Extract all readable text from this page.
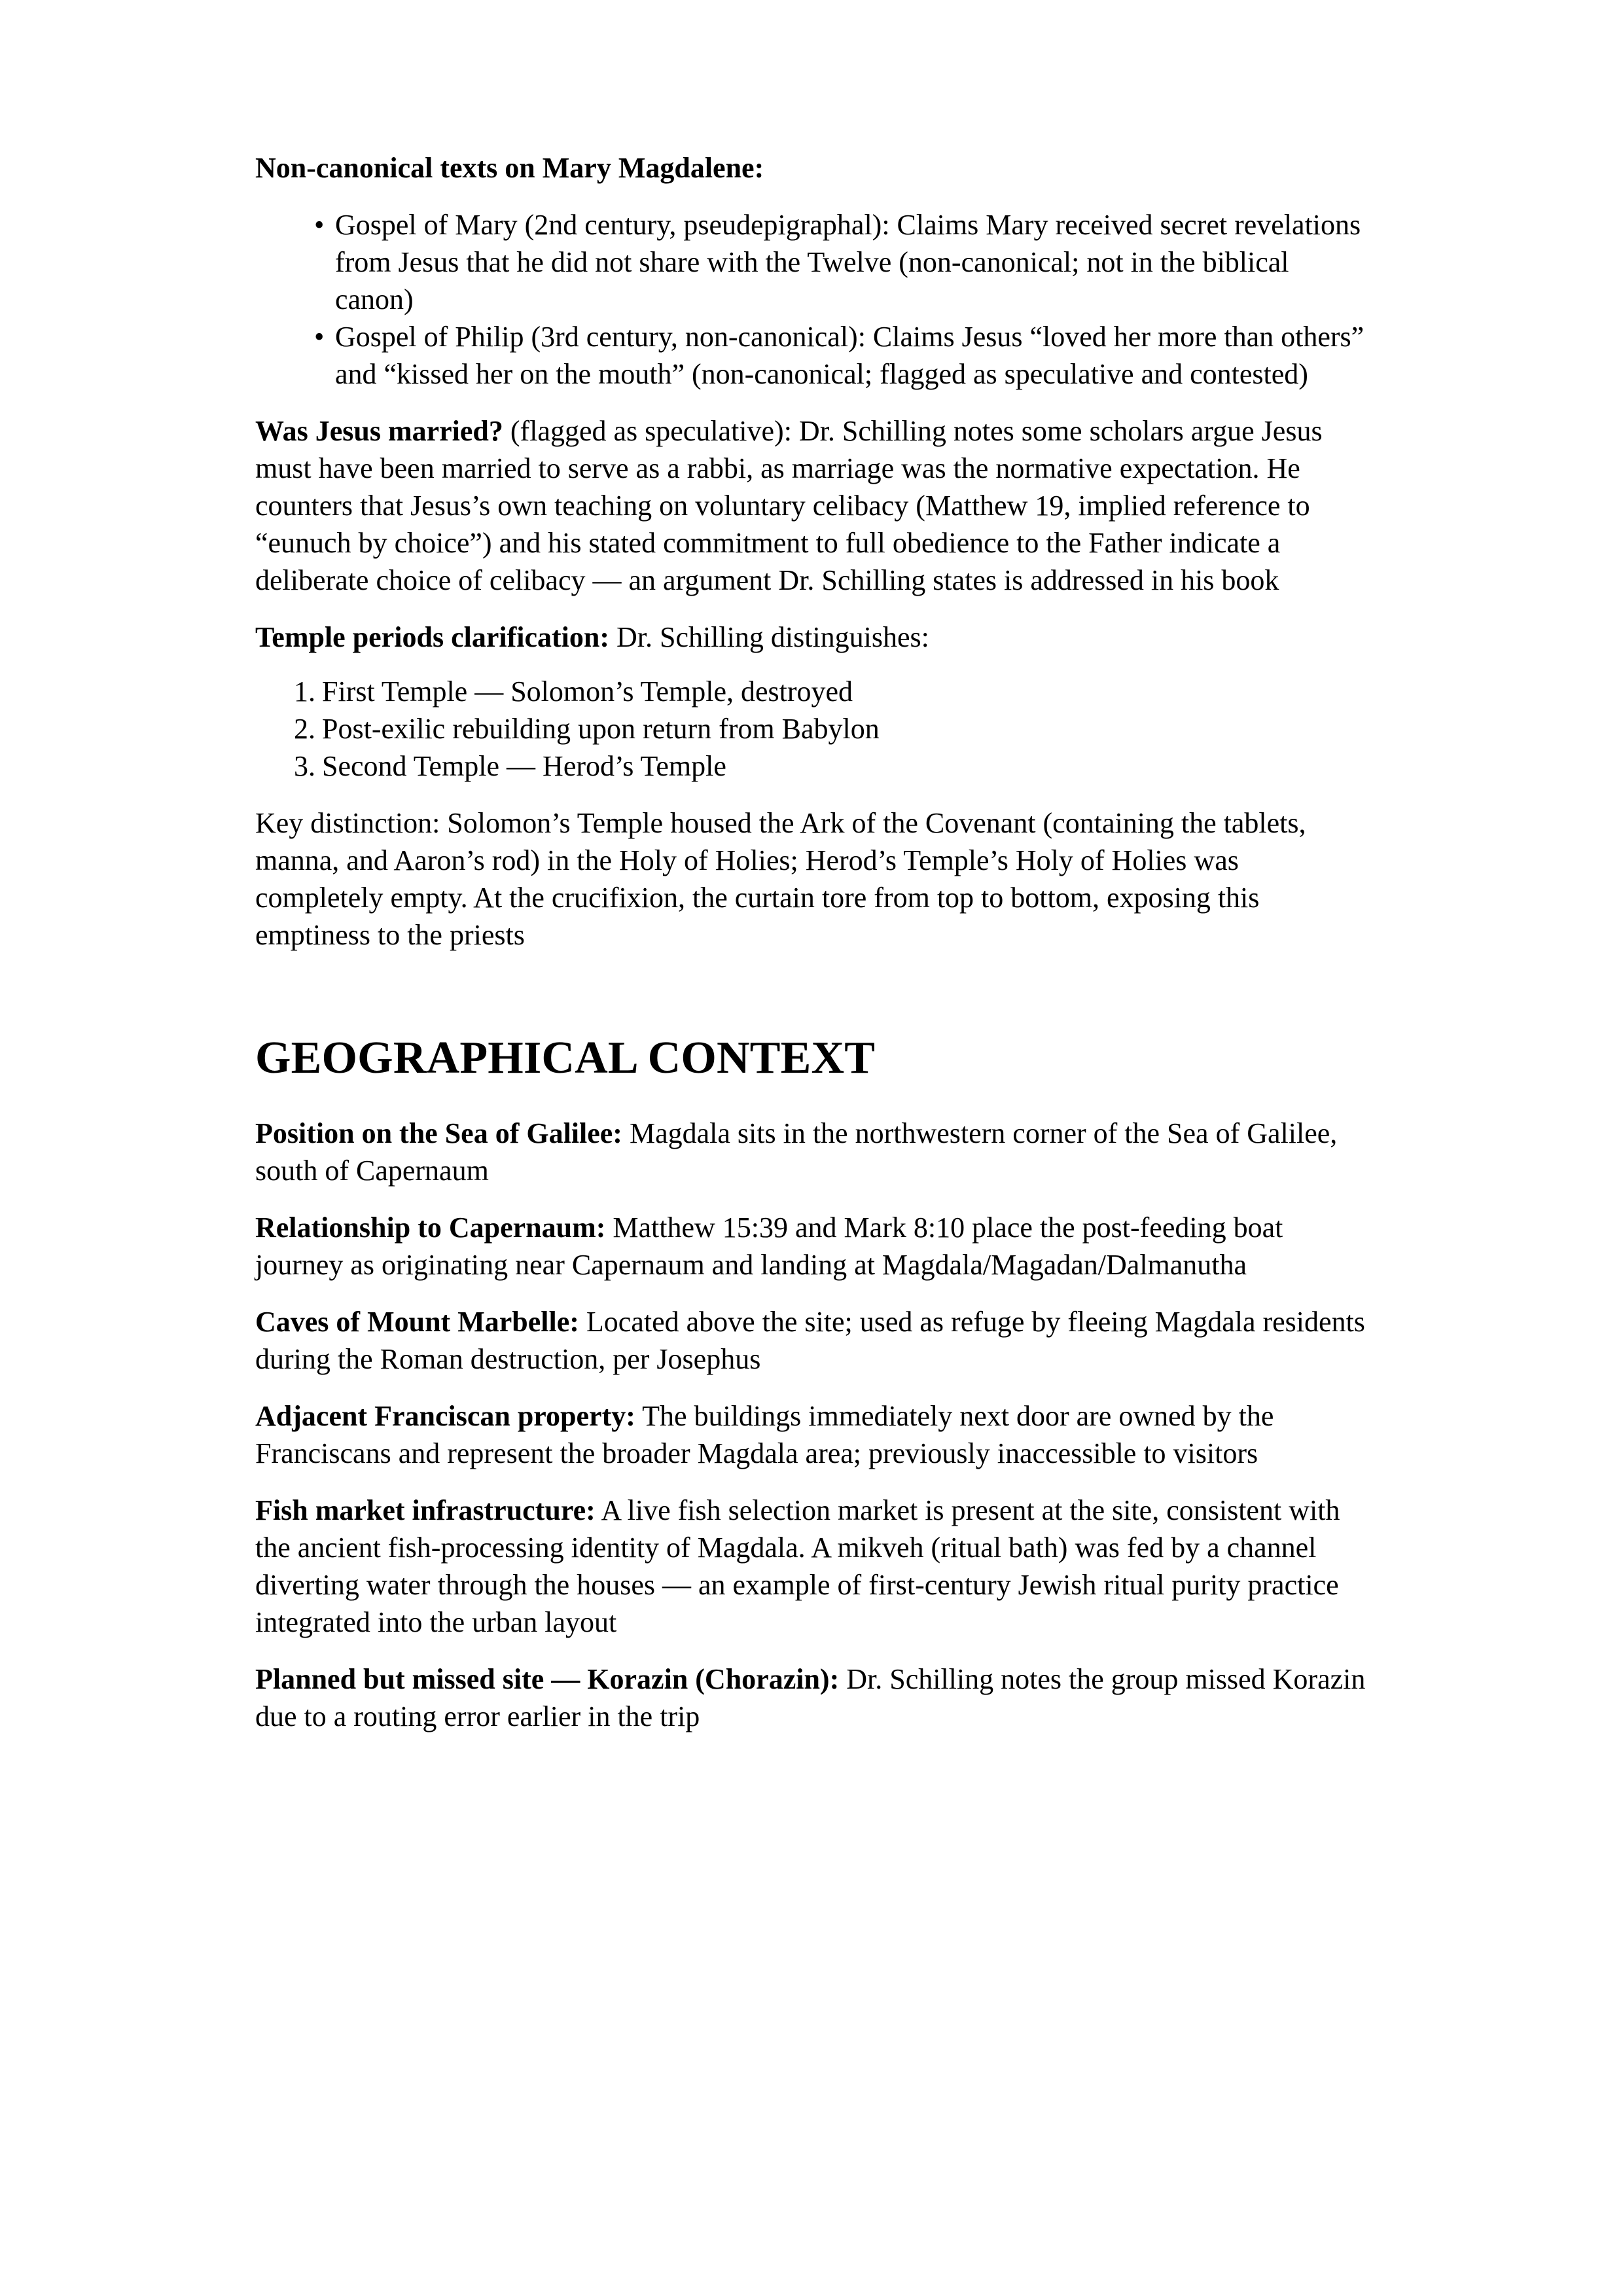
Non-canonical texts on Mary Magdalene:
• Gospel of Mary (2nd century, pseudepigraphal): Claims Mary received secret revelations from Jesus that he did not share with the Twelve (non-canonical; not in the biblical canon)
• Gospel of Philip (3rd century, non-canonical): Claims Jesus “loved her more than others” and “kissed her on the mouth” (non-canonical; flagged as speculative and contested)

Was Jesus married? (flagged as speculative): Dr. Schilling notes some scholars argue Jesus must have been married to serve as a rabbi, as marriage was the normative expectation. He counters that Jesus’s own teaching on voluntary celibacy (Matthew 19, implied reference to “eunuch by choice”) and his stated commitment to full obedience to the Father indicate a deliberate choice of celibacy — an argument Dr. Schilling states is addressed in his book

Temple periods clarification: Dr. Schilling distinguishes:

First Temple — Solomon’s Temple, destroyed
Post-exilic rebuilding upon return from Babylon
Second Temple — Herod’s Temple

Key distinction: Solomon’s Temple housed the Ark of the Covenant (containing the tablets, manna, and Aaron’s rod) in the Holy of Holies; Herod’s Temple’s Holy of Holies was completely empty. At the crucifixion, the curtain tore from top to bottom, exposing this emptiness to the priests

GEOGRAPHICAL CONTEXT

Position on the Sea of Galilee: Magdala sits in the northwestern corner of the Sea of Galilee, south of Capernaum

Relationship to Capernaum: Matthew 15:39 and Mark 8:10 place the post-feeding boat journey as originating near Capernaum and landing at Magdala/Magadan/Dalmanutha

Caves of Mount Marbelle: Located above the site; used as refuge by fleeing Magdala residents during the Roman destruction, per Josephus

Adjacent Franciscan property: The buildings immediately next door are owned by the Franciscans and represent the broader Magdala area; previously inaccessible to visitors

Fish market infrastructure: A live fish selection market is present at the site, consistent with the ancient fish-processing identity of Magdala. A mikveh (ritual bath) was fed by a channel diverting water through the houses — an example of first-century Jewish ritual purity practice integrated into the urban layout

Planned but missed site — Korazin (Chorazin): Dr. Schilling notes the group missed Korazin due to a routing error earlier in the trip
